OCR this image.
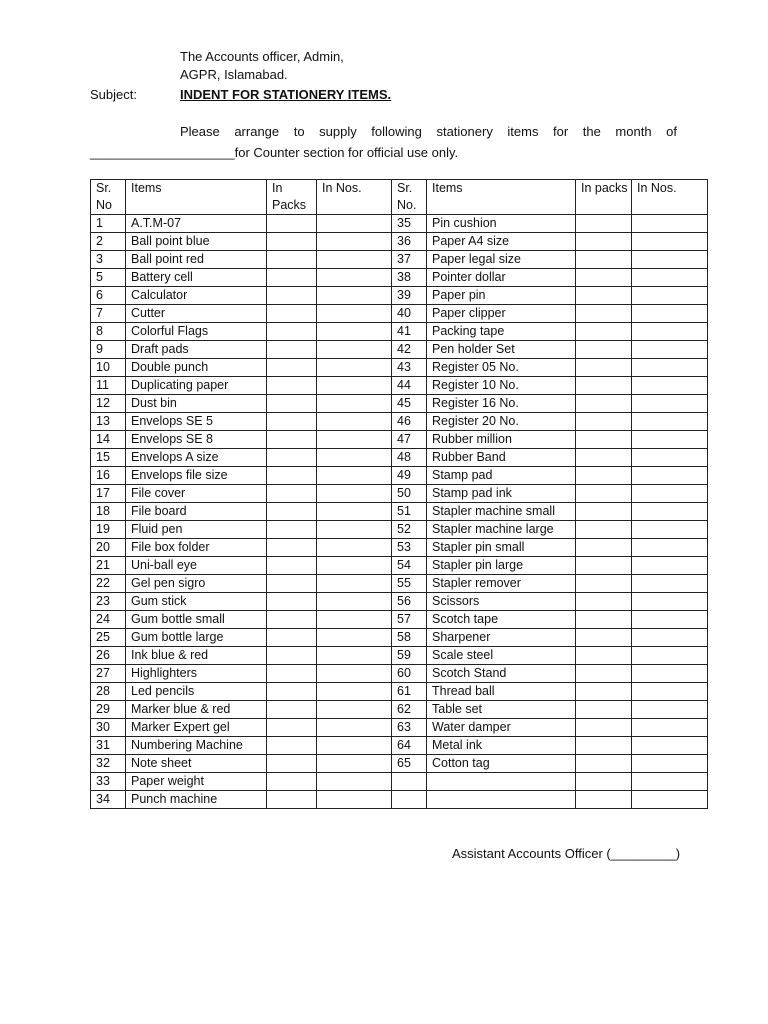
The Accounts officer, Admin,
AGPR, Islamabad.
Subject:	INDENT FOR STATIONERY ITEMS.
Please arrange to supply following stationery items for the month of
____________________for Counter section for official use only.
Sr. No	Items	In Packs	In Nos.	Sr. No.	Items	In packs	In Nos.
1	A.T.M-07			35	Pin cushion		
2	Ball point blue			36	Paper A4 size		
3	Ball point red			37	Paper legal size		
5	Battery cell			38	Pointer dollar		
6	Calculator			39	Paper pin		
7	Cutter			40	Paper clipper		
8	Colorful Flags			41	Packing tape		
9	Draft pads			42	Pen holder Set		
10	Double punch			43	Register 05 No.		
11	Duplicating paper			44	Register 10 No.		
12	Dust bin			45	Register 16 No.		
13	Envelops SE 5			46	Register 20 No.		
14	Envelops SE 8			47	Rubber million		
15	Envelops A size			48	Rubber Band		
16	Envelops file size			49	Stamp pad		
17	File cover			50	Stamp pad ink		
18	File board			51	Stapler machine small		
19	Fluid pen			52	Stapler machine large		
20	File box folder			53	Stapler pin small		
21	Uni-ball eye			54	Stapler pin large		
22	Gel pen sigro			55	Stapler remover		
23	Gum stick			56	Scissors		
24	Gum bottle small			57	Scotch tape		
25	Gum bottle large			58	Sharpener		
26	Ink blue & red			59	Scale steel		
27	Highlighters			60	Scotch Stand		
28	Led pencils			61	Thread ball		
29	Marker blue & red			62	Table set		
30	Marker Expert gel			63	Water damper		
31	Numbering Machine			64	Metal ink		
32	Note sheet			65	Cotton tag		
33	Paper weight						
34	Punch machine						
Assistant Accounts Officer (_________)
